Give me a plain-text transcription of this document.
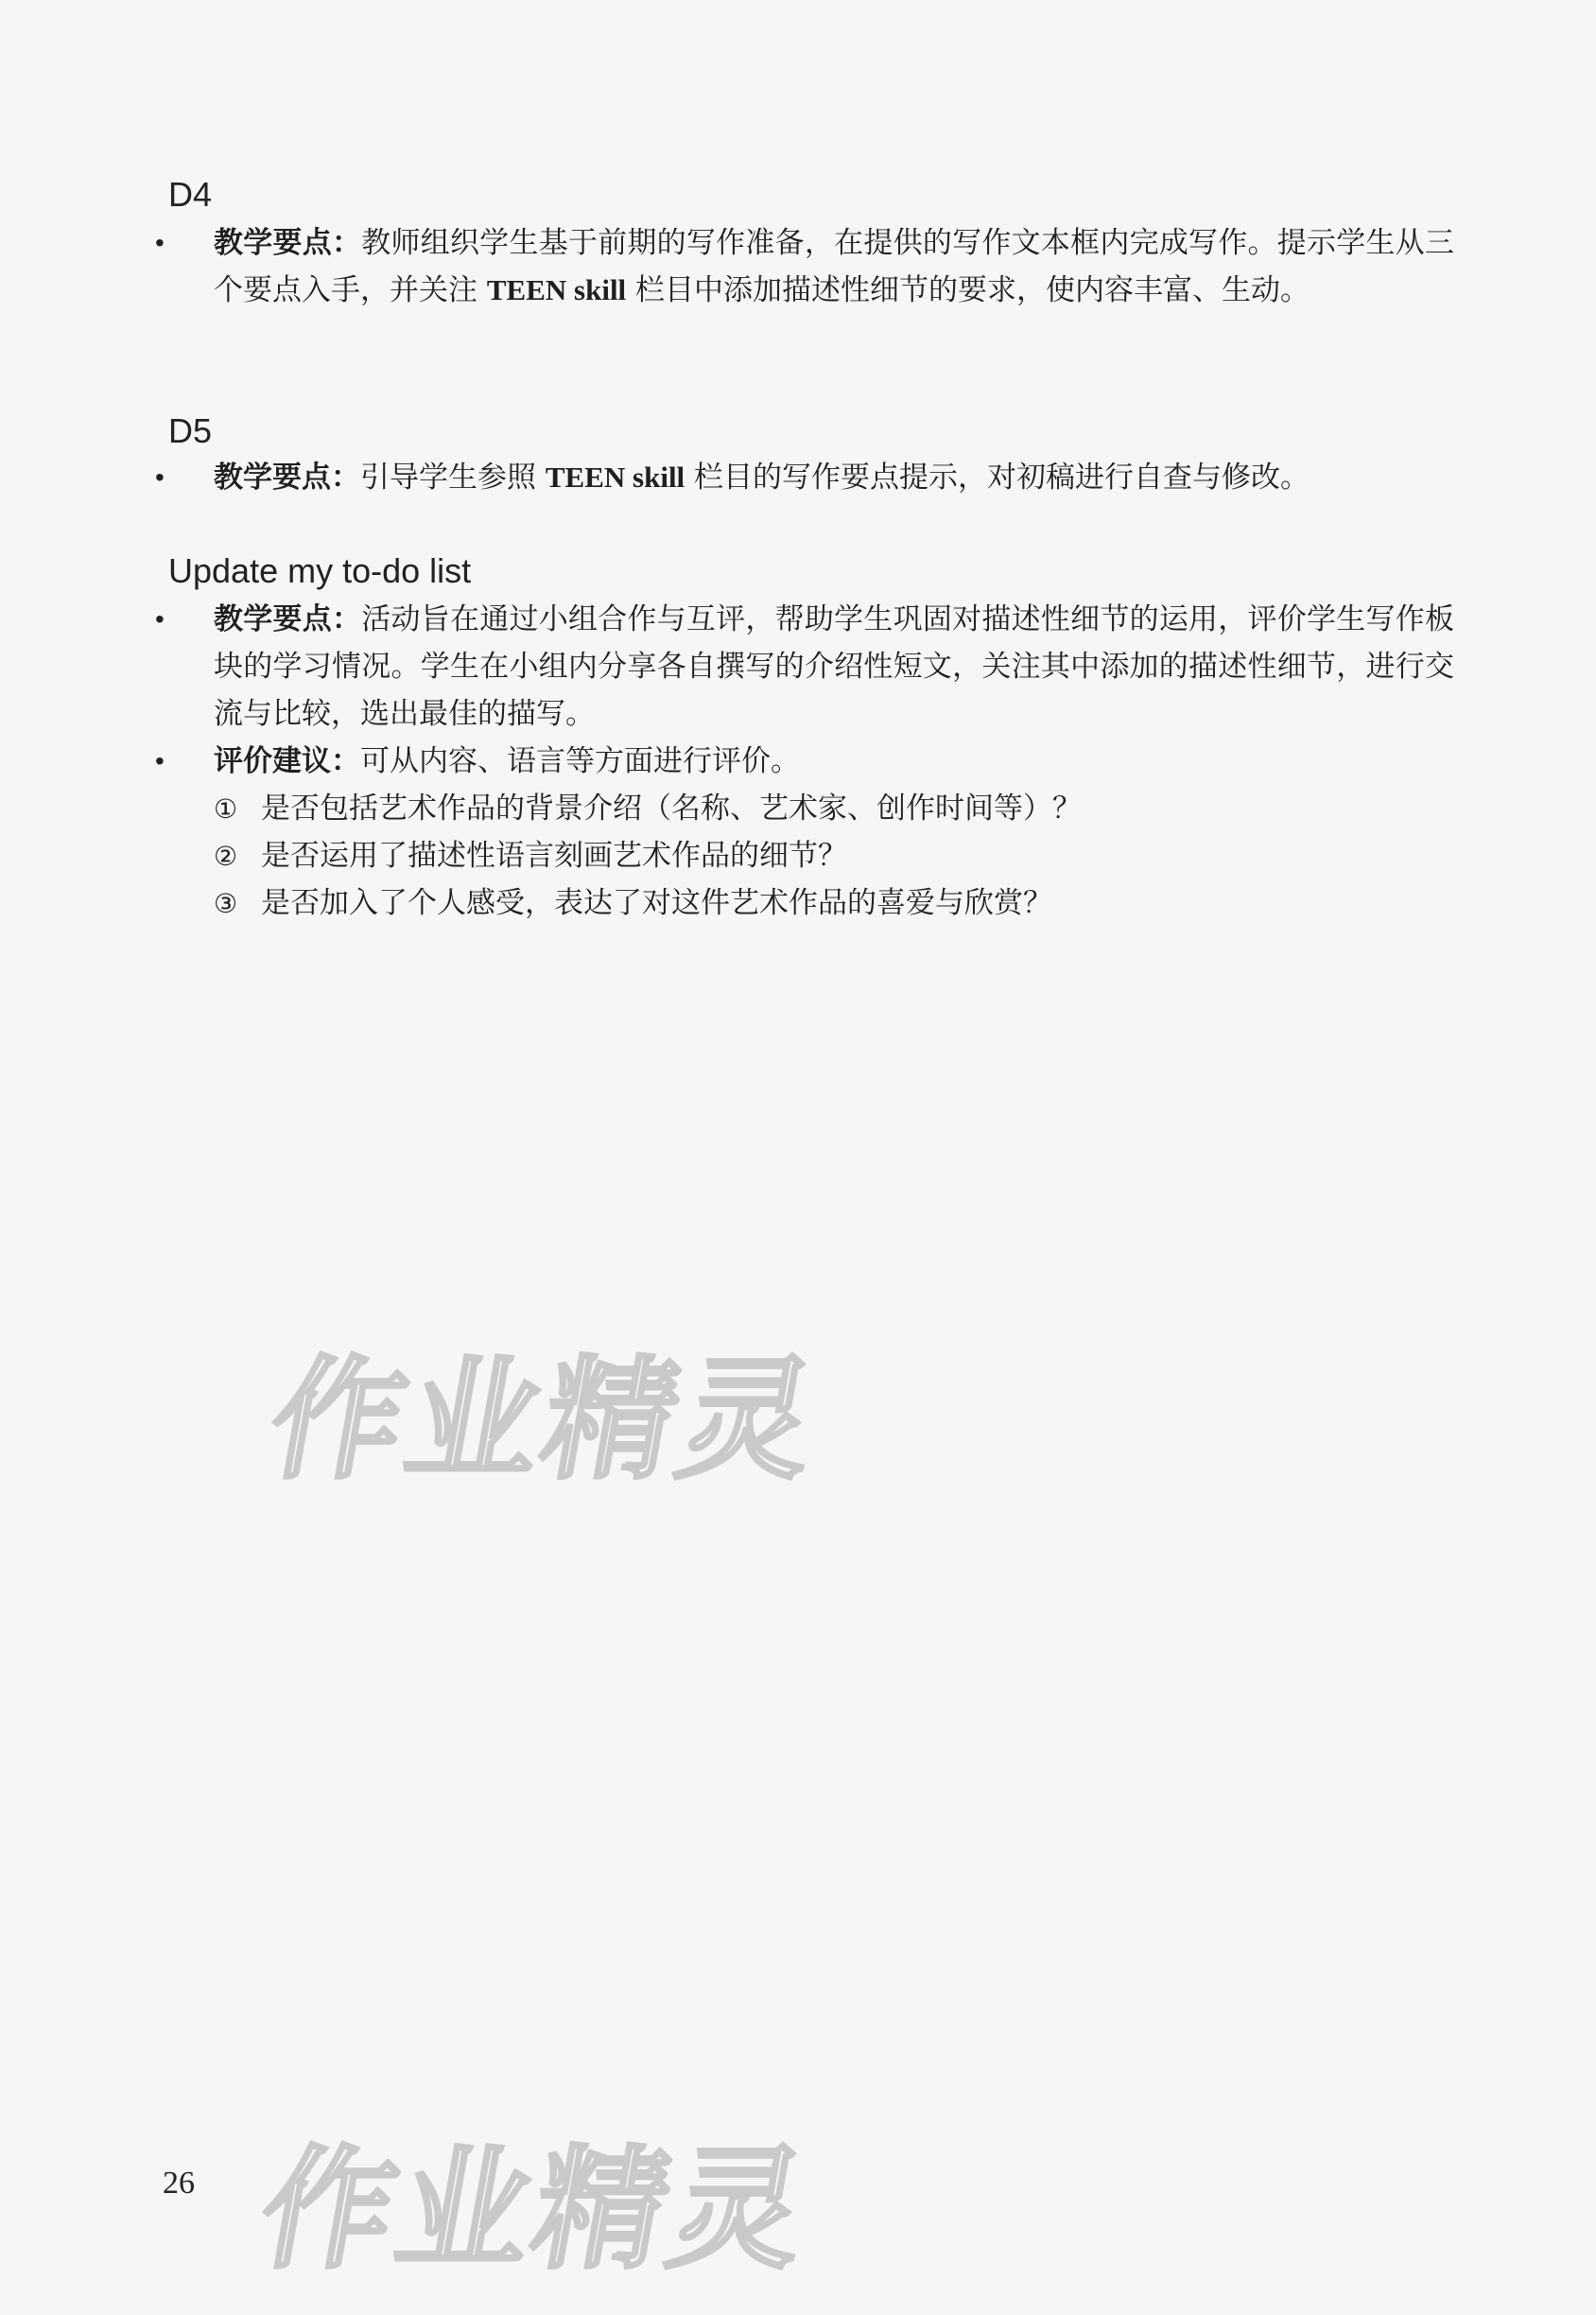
D4
•	教学要点：教师组织学生基于前期的写作准备，在提供的写作文本框内完成写作。提示学生从三个要点入手，并关注 TEEN skill 栏目中添加描述性细节的要求，使内容丰富、生动。
D5
•	教学要点：引导学生参照 TEEN skill 栏目的写作要点提示，对初稿进行自查与修改。
Update my to-do list
•	教学要点：活动旨在通过小组合作与互评，帮助学生巩固对描述性细节的运用，评价学生写作板块的学习情况。学生在小组内分享各自撰写的介绍性短文，关注其中添加的描述性细节，进行交流与比较，选出最佳的描写。
•	评价建议：可从内容、语言等方面进行评价。
① 是否包括艺术作品的背景介绍（名称、艺术家、创作时间等）？
② 是否运用了描述性语言刻画艺术作品的细节？
③ 是否加入了个人感受，表达了对这件艺术作品的喜爱与欣赏？
作业精灵
作业精灵
26
